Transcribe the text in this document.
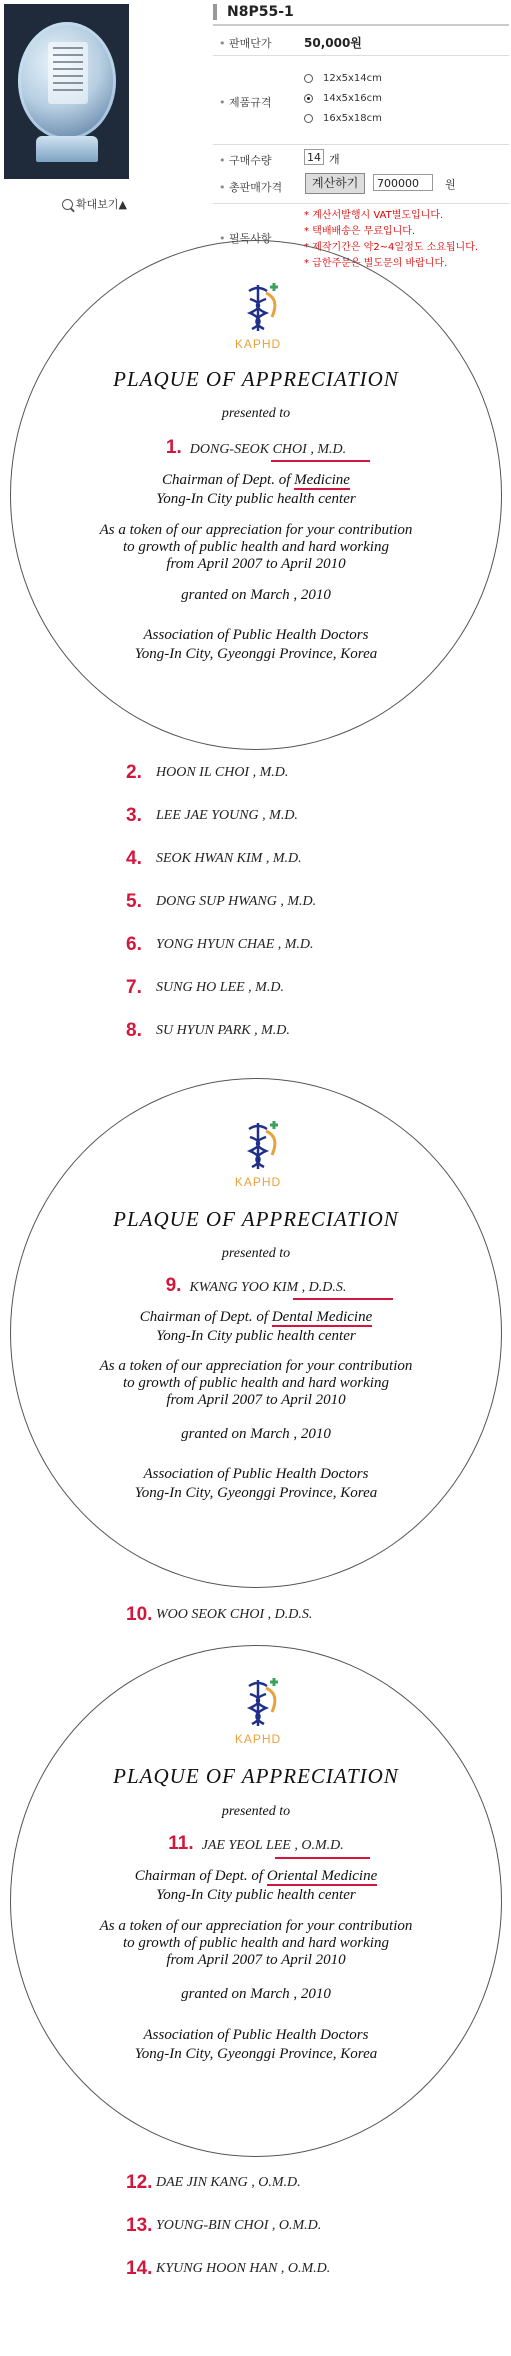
확대보기▲
N8P55-1
• 판매단가	50,000원
• 제품규격
12x5x14cm
14x5x16cm
16x5x18cm
• 구매수량	14 개
• 총판매가격	계산하기	700000	원
• 필독사항
* 계산서발행시 VAT별도입니다.
* 택배배송은 무료입니다.
* 제작기간은 약2~4일정도 소요됩니다.
* 급한주문은 별도문의 바랍니다.
KAPHD
PLAQUE OF APPRECIATION
presented to
1. DONG-SEOK CHOI , M.D.
Chairman of Dept. of Medicine
Yong-In City public health center
As a token of our appreciation for your contribution
to growth of public health and hard working
from April 2007 to April 2010
granted on March , 2010
Association of Public Health Doctors
Yong-In City, Gyeonggi Province, Korea
2.	HOON IL CHOI , M.D.
3.	LEE JAE YOUNG , M.D.
4.	SEOK HWAN KIM , M.D.
5.	DONG SUP HWANG , M.D.
6.	YONG HYUN CHAE , M.D.
7.	SUNG HO LEE , M.D.
8.	SU HYUN PARK , M.D.
KAPHD
PLAQUE OF APPRECIATION
presented to
9. KWANG YOO KIM , D.D.S.
Chairman of Dept. of Dental Medicine
Yong-In City public health center
As a token of our appreciation for your contribution
to growth of public health and hard working
from April 2007 to April 2010
granted on March , 2010
Association of Public Health Doctors
Yong-In City, Gyeonggi Province, Korea
10. WOO SEOK CHOI , D.D.S.
KAPHD
PLAQUE OF APPRECIATION
presented to
11. JAE YEOL LEE , O.M.D.
Chairman of Dept. of Oriental Medicine
Yong-In City public health center
As a token of our appreciation for your contribution
to growth of public health and hard working
from April 2007 to April 2010
granted on March , 2010
Association of Public Health Doctors
Yong-In City, Gyeonggi Province, Korea
12. DAE JIN KANG , O.M.D.
13. YOUNG-BIN CHOI , O.M.D.
14. KYUNG HOON HAN , O.M.D.
